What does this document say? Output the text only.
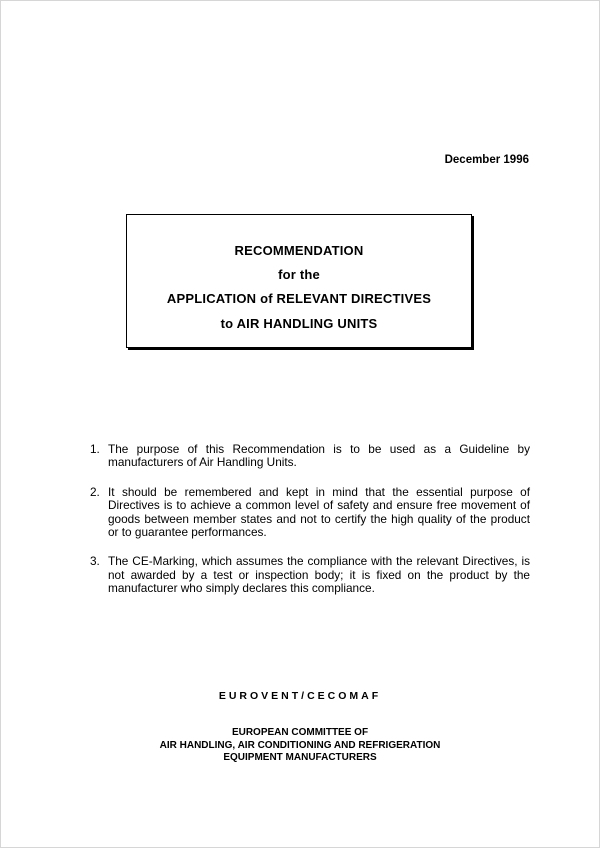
December 1996
RECOMMENDATION
for the
APPLICATION of RELEVANT DIRECTIVES
to AIR HANDLING UNITS
1. The purpose of this Recommendation is to be used as a Guideline by manufacturers of Air Handling Units.
2. It should be remembered and kept in mind that the essential purpose of Directives is to achieve a common level of safety and ensure free movement of goods between member states and not to certify the high quality of the product or to guarantee performances.
3. The CE-Marking, which assumes the compliance with the relevant Directives, is not awarded by a test or inspection body; it is fixed on the product by the manufacturer who simply declares this compliance.
EUROVENT/CECOMAF
EUROPEAN COMMITTEE OF
AIR HANDLING, AIR CONDITIONING AND REFRIGERATION
EQUIPMENT MANUFACTURERS
